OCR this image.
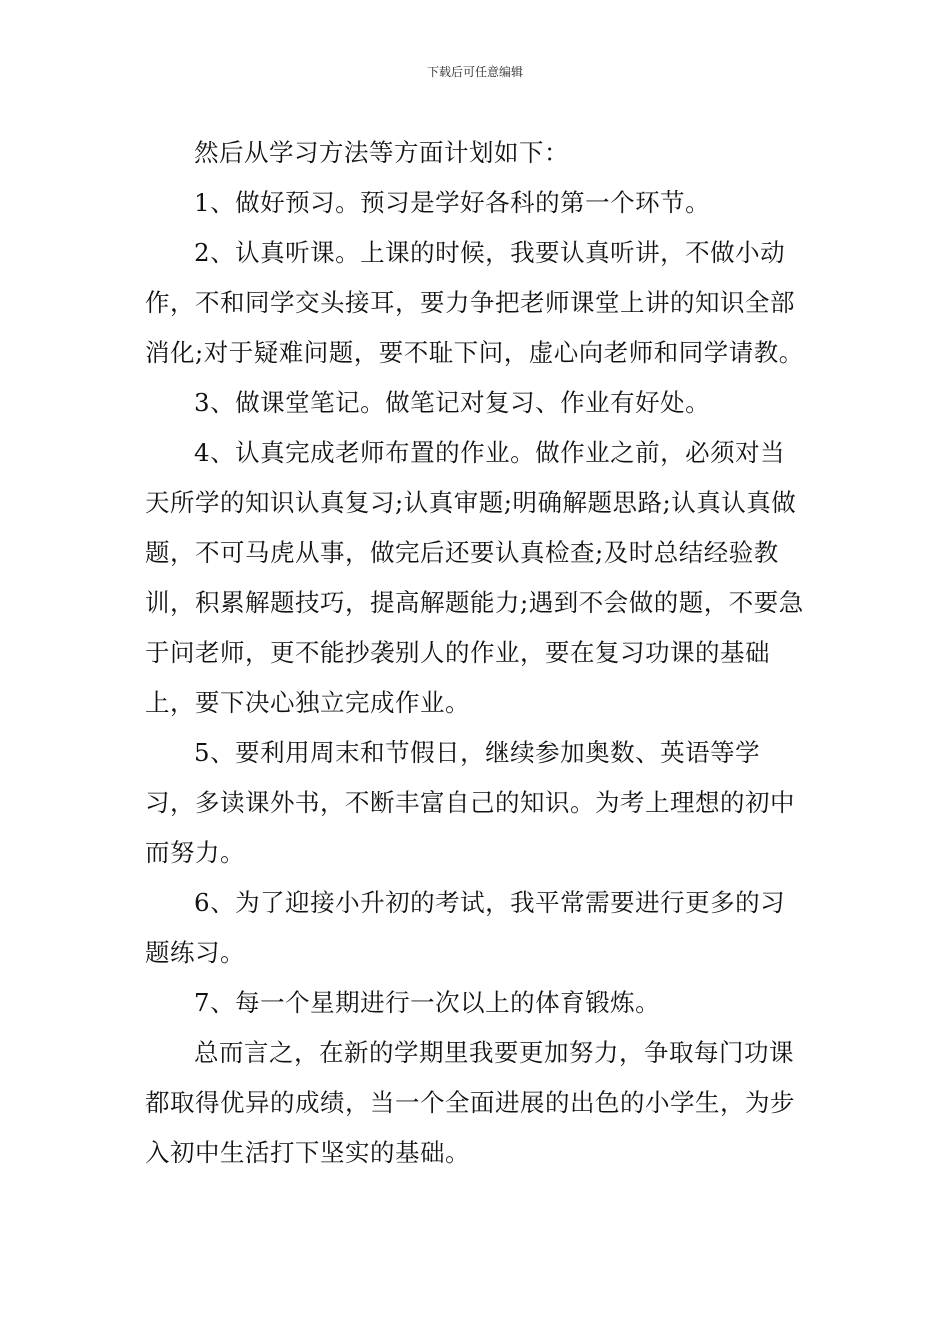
下载后可任意编辑

然后从学习方法等方面计划如下：

1、做好预习。预习是学好各科的第一个环节。

2、认真听课。上课的时候，我要认真听讲，不做小动作，不和同学交头接耳，要力争把老师课堂上讲的知识全部消化;对于疑难问题，要不耻下问，虚心向老师和同学请教。

3、做课堂笔记。做笔记对复习、作业有好处。

4、认真完成老师布置的作业。做作业之前，必须对当天所学的知识认真复习;认真审题;明确解题思路;认真认真做题，不可马虎从事，做完后还要认真检查;及时总结经验教训，积累解题技巧，提高解题能力;遇到不会做的题，不要急于问老师，更不能抄袭别人的作业，要在复习功课的基础上，要下决心独立完成作业。

5、要利用周末和节假日，继续参加奥数、英语等学习，多读课外书，不断丰富自己的知识。为考上理想的初中而努力。

6、为了迎接小升初的考试，我平常需要进行更多的习题练习。

7、每一个星期进行一次以上的体育锻炼。

总而言之，在新的学期里我要更加努力，争取每门功课都取得优异的成绩，当一个全面进展的出色的小学生，为步入初中生活打下坚实的基础。
